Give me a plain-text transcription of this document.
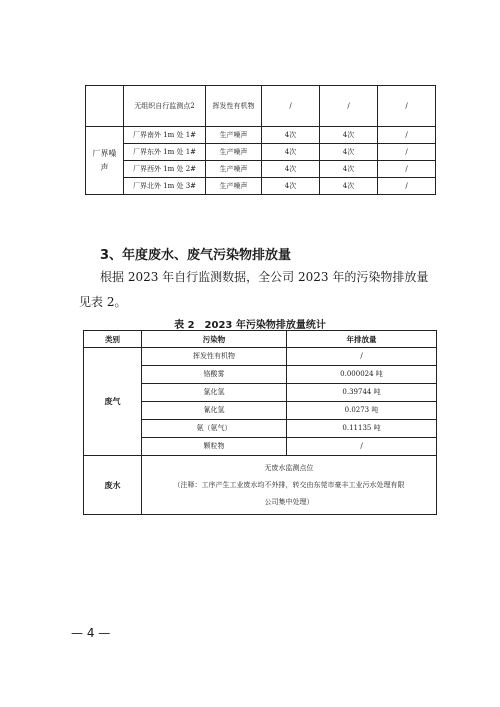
	无组织自行监测点2	挥发性有机物	/	/	/
厂界噪声	厂界南外 1m 处 1#	生产噪声	4次	4次	/
	厂界东外 1m 处 1#	生产噪声	4次	4次	/
	厂界西外 1m 处 2#	生产噪声	4次	4次	/
	厂界北外 1m 处 3#	生产噪声	4次	4次	/
3、年度废水、废气污染物排放量
根据 2023 年自行监测数据，全公司 2023 年的污染物排放量
见表 2。
表 2　2023 年污染物排放量统计
类别	污染物	年排放量
废气	挥发性有机物	/
	铬酸雾	0.000024 吨
	氯化氢	0.39744 吨
	氰化氢	0.0273 吨
	氨（氨气）	0.11135 吨
	颗粒物	/
废水	无废水监测点位
（注释：工序产生工业废水均不外排，转交由东莞市豪丰工业污水处理有限
公司集中处理）	
— 4 —
